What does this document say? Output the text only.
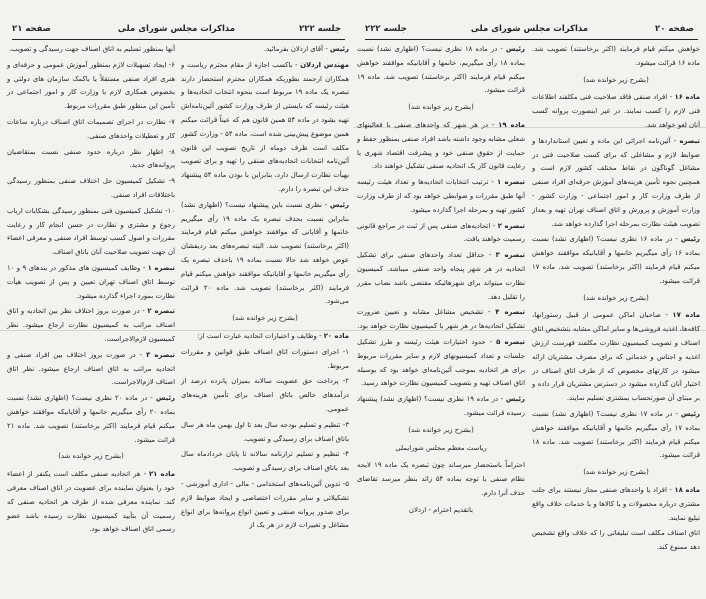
جلسه ۲۲۲
مذاکرات مجلس شورای ملی
صفحه ۲۱

رئیس - آقای اردلان بفرمائید.

مهندس اردلان - باکسب اجازه از مقام محترم ریاست و همکاران ارجمند بطوریکه همکاران محترم استحضار دارند تبصره یک ماده ۱۹ مربوط است بنحوه انتخاب اتحادیه‌ها و هیئت رئیسه که بایستی از طرف وزارت کشور آئین‌نامه‌اش تهیه بشود در ماده ۵۴ همین قانون هم که عیناً قرائت میکنم همین موضوع پیش‌بینی شده است، ماده ۵۴ - وزارت کشور مکلف است ظرف دوماه از تاریخ تصویب این قانون آئین‌نامه انتخابات اتحادیه‌های صنفی را تهیه و برای تصویب بهیأت نظارت ارسال دارد، بنابراین با بودن ماده ۵۴ پیشنهاد حذف این تبصره را دارم.

رئیس - نظری نسبت باین پیشنهاد نیست؟ (اظهاری نشد) بنابراین نسبت بحذف تبصره یک ماده ۱۹ رأی میگیریم خانمها و آقایانی که موافقند خواهش میکنم قیام فرمایند (اکثر برخاستند) تصویب شد. البته تبصره‌های بعد ردیفشان عوض خواهد شد حالا نسبت بماده ۱۹ باحذف تبصره یک رأی میگیریم خانمها و آقایانیکه موافقند خواهش میکنم قیام فرمایند (اکثر برخاستند) تصویب شد. ماده ۲۰ قرائت می‌شود.

(بشرح زیر خوانده شد)

ماده ۲۰ - وظایف و اختیارات اتحادیه عبارت است از:

۱- اجرای دستورات اتاق اصناف طبق قوانین و مقررات مربوط.

۲- پرداخت حق عضویت سالانه بمیزان پانزده درصد از درآمدهای خالص باتاق اصناف برای تأمین هزینه‌های عمومی.

۳- تنظیم و تسلیم بودجه سال بعد تا اول بهمن ماه هر سال باتاق اصناف برای رسیدگی و تصویب.

۴- تنظیم و تسلیم ترازنامه سالانه تا پایان خردادماه سال بعد باتاق اصناف برای رسیدگی و تصویب.

۵- تدوین آئین‌نامه‌های استخدامی - مالی - اداری آموزشی - تشکیلاتی و سایر مقررات اختصاصی و ایجاد ضوابط لازم برای صدور پروانه صنفی و تعیین انواع پروانه‌ها برای انواع مشاغل و تغییرات لازم در هر یک از

آنها بمنظور تسلیم به اتاق اصناف جهت رسیدگی و تصویب.

۶- ایجاد تسهیلات لازم بمنظور آموزش عمومی و حرفه‌ای و هنری افراد صنفی مستقلاً یا باکمک سازمان های دولتی و بخصوص همکاری لازم با وزارت کار و امور اجتماعی در تأمین این منظور طبق مقررات مربوط.

۷- نظارت در اجرای تصمیمات اتاق اصناف درباره ساعات کار و تعطیلات واحدهای صنفی.

۸- اظهار نظر درباره حدود صنفی نسبت بمتقاضیان پروانه‌های جدید.

۹- تشکیل کمیسیون حل اختلاف صنفی بمنظور رسیدگی باختلافات افراد صنفی.

۱۰- تشکیل کمیسیون فنی بمنظور رسیدگی بشکایات ارباب رجوع و مشتری و نظارت در حسن انجام کار و رعایت مقررات و اصول کسب توسط افراد صنفی و معرفی اعضاء آن جهت تصویب صلاحیت آنان باتاق اصناف.

تبصره ۱ - وظایف کمیسیون های مذکور در بندهای ۹ و ۱۰ توسط اتاق اصناف تهران تعیین و پس از تصویب هیأت نظارت بمورد اجراء گذارده میشود.

تبصره ۲ - در صورت بروز اختلاف نظر بین اتحادیه و اتاق اصناف مراتب به کمیسیون نظارت ارجاع میشود. نظر کمیسیون لازم‌الاجراست.

تبصره ۳ - در صورت بروز اختلاف بین افراد صنفی و اتحادیه مراتب به اتاق اصناف ارجاع میشود. نظر اتاق اصناف لازم‌الاجراست.

رئیس - در ماده ۲۰ نظری نیست؟ (اظهاری نشد) نسبت بماده ۲۰ رأی میگیریم خانمها و آقایانیکه موافقند خواهش میکنم قیام فرمایند (اکثر برخاستند) تصویب شد. ماده ۲۱ قرائت میشود.

(بشرح زیر خوانده شد)

ماده ۲۱ - هر اتحادیه صنفی مکلف است یکنفر از اعضاء خود را بعنوان نماینده برای عضویت در اتاق اصناف معرفی کند. نماینده معرفی شده از طرف هر اتحادیه صنفی که رسمیت آن بتأیید کمیسیون نظارت رسیده باشد عضو رسمی اتاق اصناف خواهد بود.

صفحه ۲۰
مذاکرات مجلس شورای ملی
جلسه ۲۲۲

خواهش میکنم قیام فرمایند (اکثر برخاستند) تصویب شد. ماده ۱۶ قرائت میشود.

(بشرح زیر خوانده شد)

ماده ۱۶ - افراد صنفی فاقد صلاحیت فنی مکلفند اطلاعات فنی لازم را کسب نمایند. در غیر اینصورت پروانه کسب آنان لغو خواهد شد.

تبصره - آئین‌نامه اجرائی این ماده و تعیین استانداردها و ضوابط لازم و مشاغلی که برای کسب صلاحیت فنی در مشاغل گوناگون در نقاط مختلف کشور لازم است و همچنین نحوه تأمین هزینه‌های آموزش حرفه‌ای افراد صنفی از طرف وزارت کار و امور اجتماعی - وزارت کشور - وزارت آموزش و پرورش و اتاق اصناف تهران تهیه و بعداز تصویب هیئت نظارت بمرحله اجرا گذارده خواهد شد.

رئیس - در ماده ۱۶ نظری نیست؟ (اظهاری نشد) نسبت بماده ۱۶ رأی میگیریم خانمها و آقایانیکه موافقند خواهش میکنم قیام فرمایند (اکثر برخاستند) تصویب شد. ماده ۱۷ قرائت میشود.

(بشرح زیر خوانده شد)

ماده ۱۷ - صاحبان اماکن عمومی از قبیل رستورانها، کافه‌ها، اغذیه فروشی‌ها و سایر اماکن مشابه بتشخیص اتاق اصناف و تصویب کمیسیون نظارت مکلفند فهرست ارزش اغذیه و اجناس و خدماتی که برای مصرف مشتریان ارائه میشود در کارتهای مخصوص که از طرف اتاق اصناف در اختیار آنان گذارده میشود در دسترس مشتریان قرار داده و بر مبنای آن صورتحساب بمشتری تسلیم نمایند.

رئیس - در ماده ۱۷ نظری نیست؟ (اظهاری نشد) نسبت بماده ۱۷ رأی میگیریم خانمها و آقایانیکه موافقند خواهش میکنم قیام فرمایند (اکثر برخاستند) تصویب شد. ماده ۱۸ قرائت میشود.

(بشرح زیر خوانده شد)

ماده ۱۸ - افراد یا واحدهای صنفی مجاز نیستند برای جلب مشتری درباره محصولات و یا کالاها و یا خدمات خلاف واقع تبلیغ نمایند.

اتاق اصناف مکلف است تبلیغاتی را که خلاف واقع تشخیص دهد ممنوع کند.

رئیس - در ماده ۱۸ نظری نیست؟ (اظهاری نشد) نسبت بماده ۱۸ رأی میگیریم، خانمها و آقایانیکه موافقند خواهش میکنم قیام فرمایند (اکثر برخاستند) تصویب شد. ماده ۱۹ قرائت میشود.

(بشرح زیر خوانده شد)

ماده ۱۹ - در هر شهر که واحدهای صنفی با فعالیتهای شغلی مشابه وجود داشته باشد افراد صنفی بمنظور حفظ و حمایت از حقوق صنفی خود و پیشرفت اقتصاد شهری با رعایت قانون کار یک اتحادیه صنفی تشکیل خواهند داد.

تبصره ۱ - ترتیب انتخابات اتحادیه‌ها و تعداد هیئت رئیسه آنها طبق مقررات و ضوابطی خواهد بود که از طرف وزارت کشور تهیه و بمرحله اجرا گذارده میشود.

تبصره ۲ - اتحادیه‌های صنفی پس از ثبت در مراجع قانونی رسمیت خواهند یافت.

تبصره ۳ - حداقل تعداد واحدهای صنفی برای تشکیل اتحادیه در هر شهر پنجاه واحد صنفی میباشد. کمیسیون نظارت میتواند برای شهرهائیکه مقتضی باشد نصاب مقرر را تقلیل دهد.

تبصره ۴ - تشخیص مشاغل مشابه و تعیین ضرورت تشکیل اتحادیه‌ها در هر شهر با کمیسیون نظارت خواهد بود.

تبصره ۵ - حدود اختیارات هیئت رئیسه و طرز تشکیل جلسات و تعداد کمیسیونهای لازم و سایر مقررات مربوط برای هر اتحادیه بموجب آئین‌نامه‌ای خواهد بود که بوسیله اتاق اصناف تهیه و بتصویب کمیسیون نظارت خواهد رسید.

رئیس - در ماده ۱۹ نظری نیست؟ (اظهاری نشد) پیشنهاد رسیده قرائت میشود.

(بشرح زیر خوانده شد)

ریاست معظم مجلس شورایملی

احتراماً باستحضار میرساند چون تبصره یک ماده ۱۹ لایحه نظام صنفی با توجه بماده ۵۴ زائد بنظر میرسد تقاضای حذف آنرا دارم.

باتقدیم احترام - اردلان
